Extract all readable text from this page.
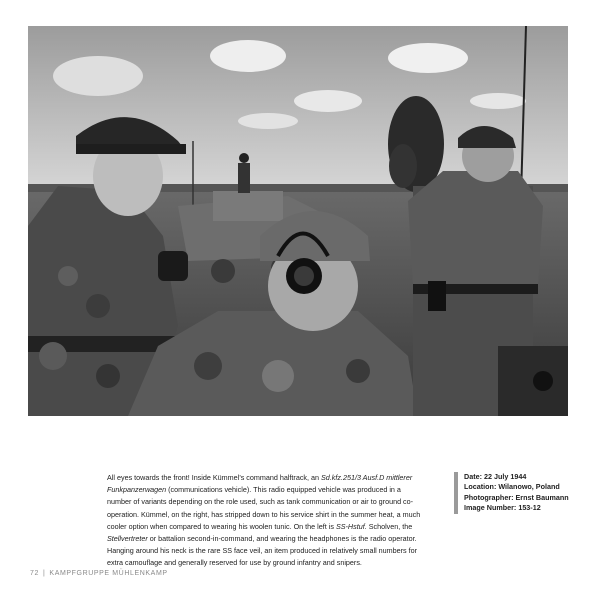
All eyes towards the front! Inside Kümmel’s command halftrack, an Sd.kfz.251/3 Ausf.D mittlerer Funkpanzerwagen (communications vehicle). This radio equipped vehicle was produced in a number of variants depending on the role used, such as tank communication or air to ground co-operation. Kümmel, on the right, has stripped down to his service shirt in the summer heat, a much cooler option when compared to wearing his woolen tunic. On the left is SS-Hstuf. Scholven, the Stellvertreter or battalion second-in-command, and wearing the headphones is the radio operator. Hanging around his neck is the rare SS face veil, an item produced in relatively small numbers for extra camouflage and generally reserved for use by ground infantry and snipers.
Date: 22 July 1944
Location: Wilanowo, Poland
Photographer: Ernst Baumann
Image Number: 153-12
72 | KAMPFGRUPPE MÜHLENKAMP
